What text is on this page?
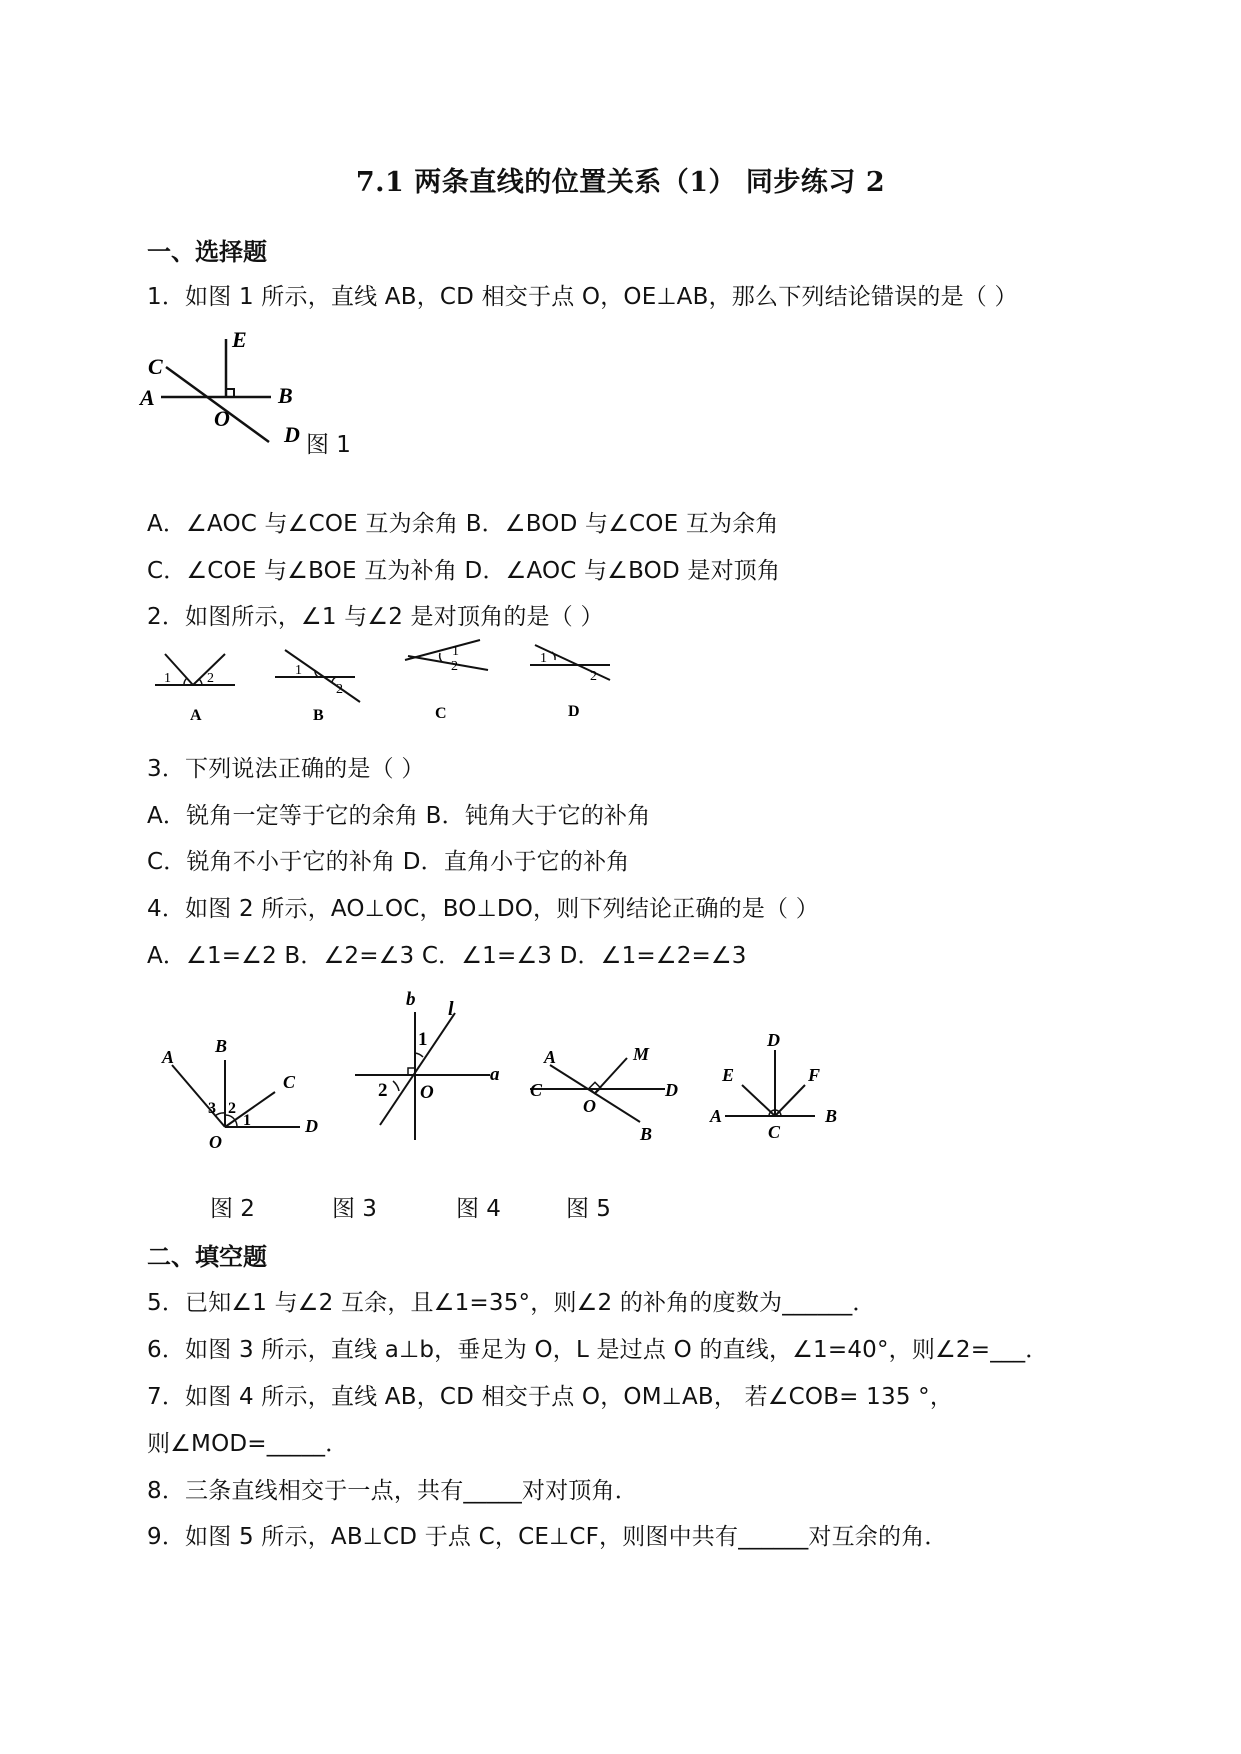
7.1 两条直线的位置关系（1） 同步练习 2
一、选择题
1．如图 1 所示，直线 AB，CD 相交于点 O，OE⊥AB，那么下列结论错误的是（ ）
C
E
A	B
O
D 图 1
A．∠AOC 与∠COE 互为余角 B．∠BOD 与∠COE 互为余角
C．∠COE 与∠BOE 互为补角 D．∠AOC 与∠BOD 是对顶角
2．如图所示，∠1 与∠2 是对顶角的是（ ）
1	2
A
1
2
B
1
2
C
1
2
D
3．下列说法正确的是（ ）
A．锐角一定等于它的余角 B．钝角大于它的补角
C．锐角不小于它的补角 D．直角小于它的补角
4．如图 2 所示，AO⊥OC，BO⊥DO，则下列结论正确的是（ ）
A．∠1=∠2 B．∠2=∠3 C．∠1=∠3 D．∠1=∠2=∠3
A
B
C
D
O
3 2
1
b l
1
2 O
a
A	M
C	D
O
B
D
E	F
A	B
C
图 2	图 3	图 4	图 5
二、填空题
5．已知∠1 与∠2 互余，且∠1=35°，则∠2 的补角的度数为______．
6．如图 3 所示，直线 a⊥b，垂足为 O，L 是过点 O 的直线，∠1=40°，则∠2=___．
7．如图 4 所示，直线 AB，CD 相交于点 O，OM⊥AB， 若∠COB= 135 °，
则∠MOD=_____．
8．三条直线相交于一点，共有_____对对顶角．
9．如图 5 所示，AB⊥CD 于点 C，CE⊥CF，则图中共有______对互余的角．
